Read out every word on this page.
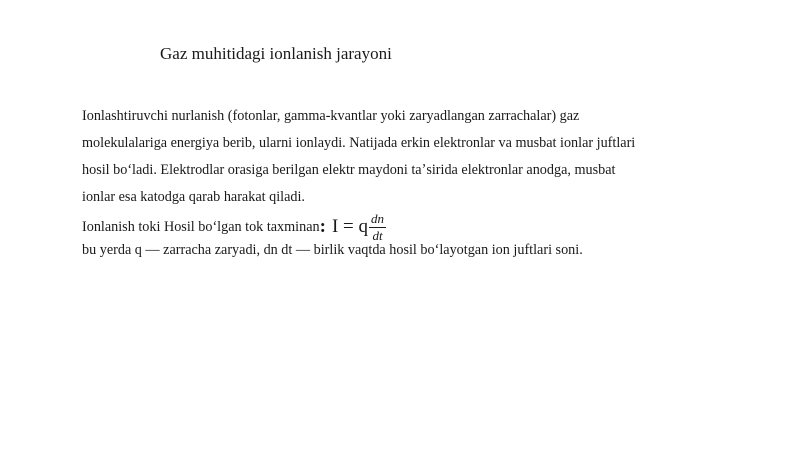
Gaz muhitidagi ionlanish jarayoni
Ionlashtiruvchi nurlanish (fotonlar, gamma-kvantlar yoki zaryadlangan zarrachalar) gaz
molekulalariga energiya berib, ularni ionlaydi. Natijada erkin elektronlar va musbat ionlar juftlari
hosil boʻladi. Elektrodlar orasiga berilgan elektr maydoni taʼsirida elektronlar anodga, musbat
ionlar esa katodga qarab harakat qiladi.
Ionlanish toki Hosil boʻlgan tok taxminan : I = q $\frac{dn}{dt}$
bu yerda q — zarracha zaryadi, dn dt — birlik vaqtda hosil boʻlayotgan ion juftlari soni.
